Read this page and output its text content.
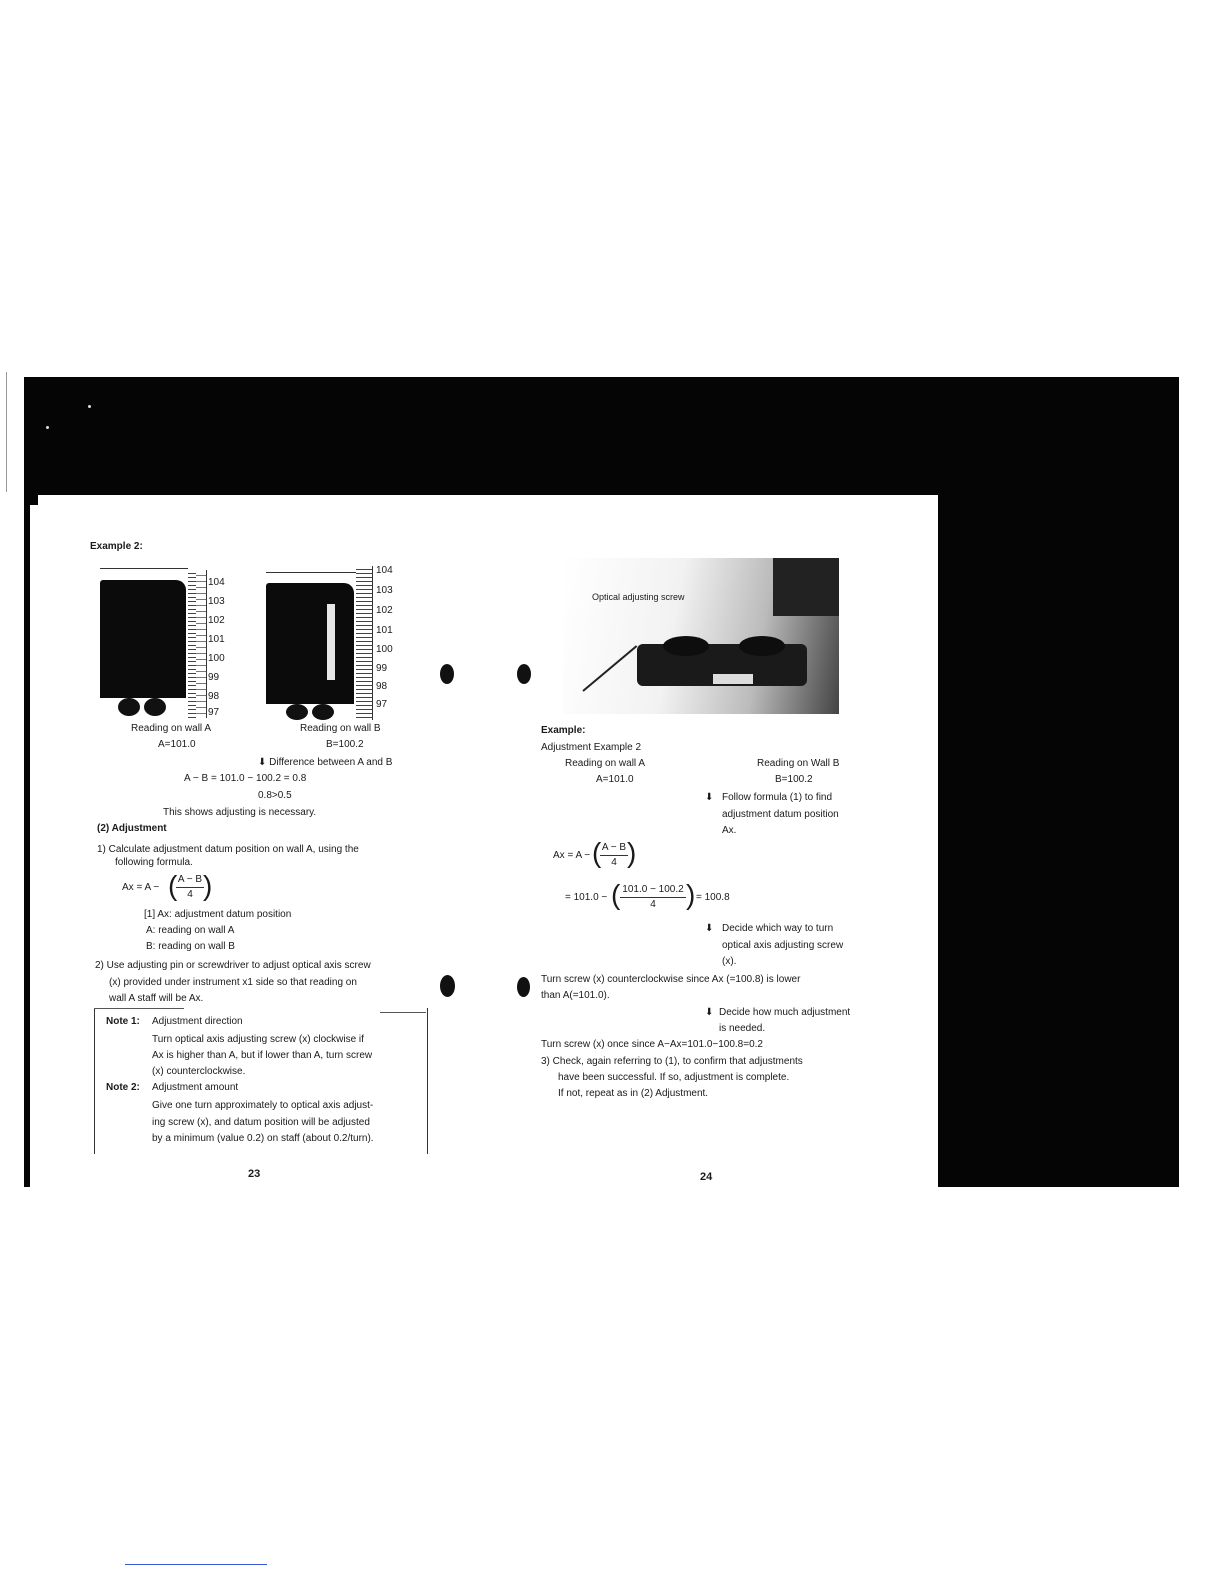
Example 2:
104
103
102
101
100
99
98
97
Reading on wall A
A=101.0
104
103
102
101
100
99
98
97
Reading on wall B
B=100.2
⬇ Difference between A and B
A − B = 101.0 − 100.2 = 0.8
0.8>0.5
This shows adjusting is necessary.
(2) Adjustment
1) Calculate adjustment datum position on wall A, using the
following formula.
Ax = A − ( A − B
4 )
[1] Ax: adjustment datum position
A: reading on wall A
B: reading on wall B
2) Use adjusting pin or screwdriver to adjust optical axis screw
(x) provided under instrument x1 side so that reading on
wall A staff will be Ax.
Note 1: Adjustment direction
Turn optical axis adjusting screw (x) clockwise if
Ax is higher than A, but if lower than A, turn screw
(x) counterclockwise.
Note 2: Adjustment amount
Give one turn approximately to optical axis adjust-
ing screw (x), and datum position will be adjusted
by a minimum (value 0.2) on staff (about 0.2/turn).
23
Optical adjusting screw
Example:
Adjustment Example 2
Reading on wall A
A=101.0
Reading on Wall B
B=100.2
⬇ Follow formula (1) to find
adjustment datum position
Ax.
Ax = A − ( A − B
4 )
= 101.0 − ( 101.0 − 100.2
4	) = 100.8
⬇ Decide which way to turn
optical axis adjusting screw
(x).
Turn screw (x) counterclockwise since Ax (=100.8) is lower
than A(=101.0).
⬇ Decide how much adjustment
is needed.
Turn screw (x) once since A−Ax=101.0−100.8=0.2
3) Check, again referring to (1), to confirm that adjustments
have been successful. If so, adjustment is complete.
If not, repeat as in (2) Adjustment.
24
